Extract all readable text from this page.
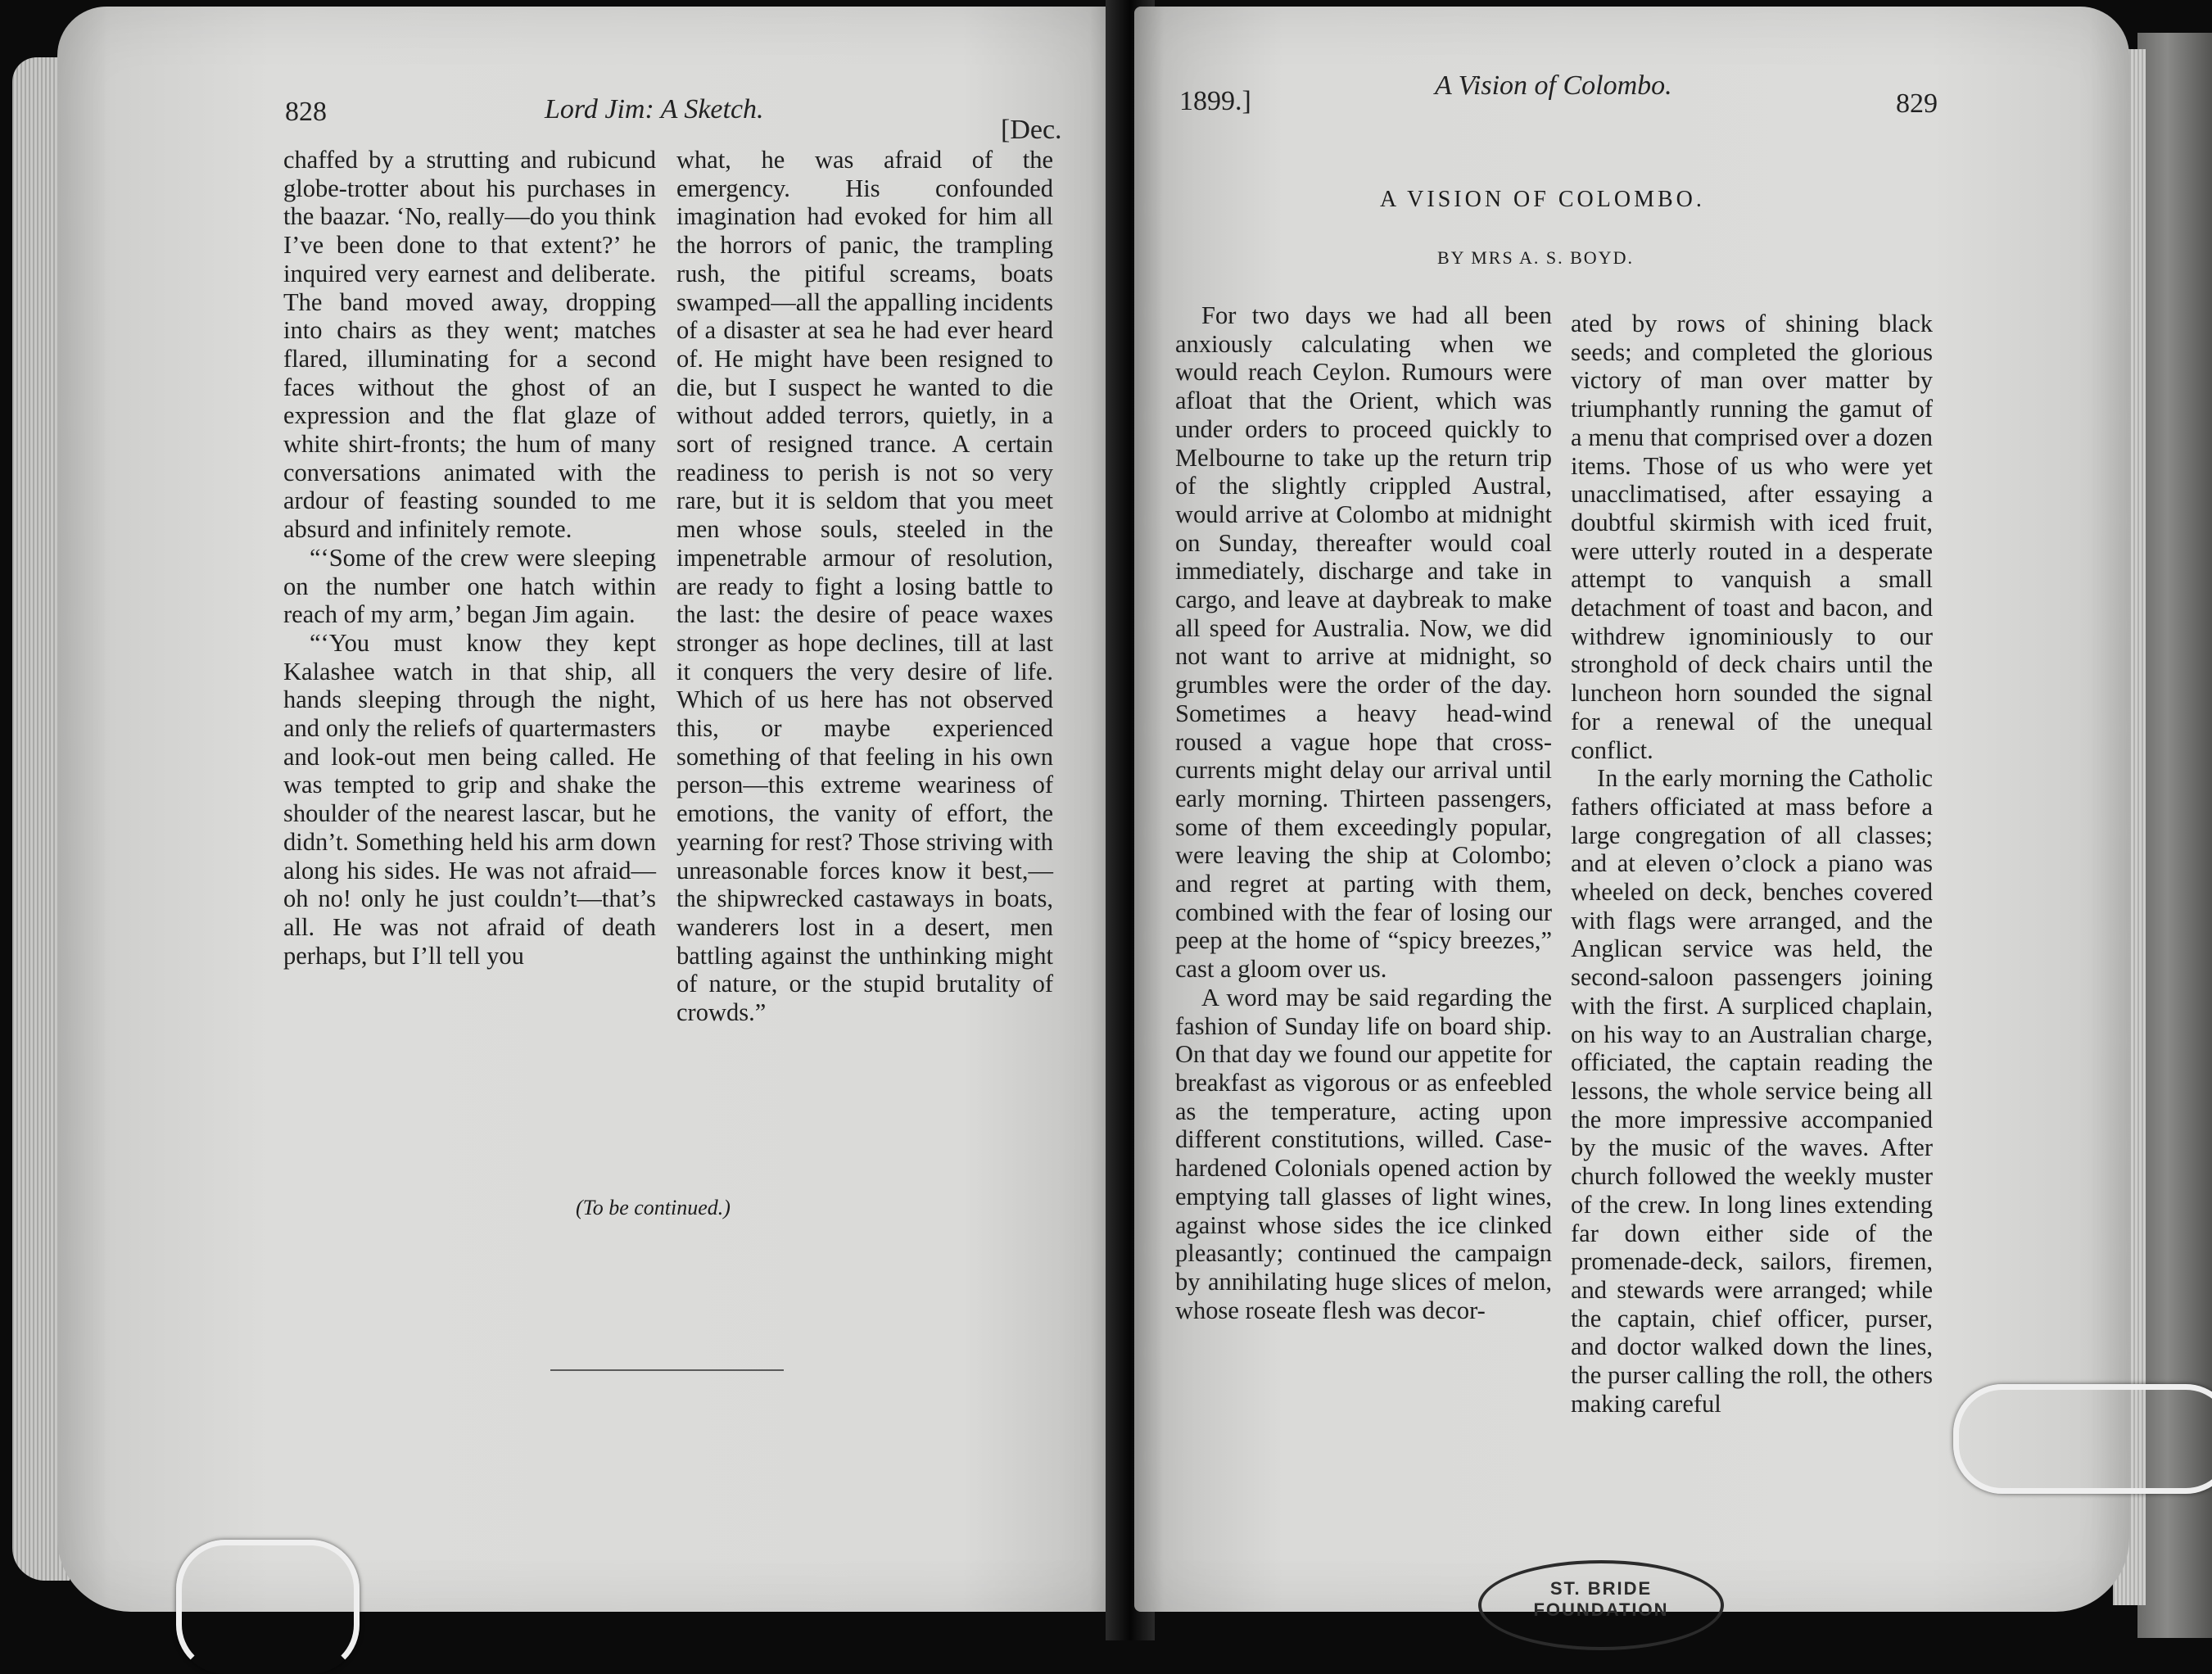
828	Lord Jim: A Sketch.
[Dec.

chaffed by a strutting and rubicund globe-trotter about his purchases in the baazar. ‘No, really—do you think I’ve been done to that extent?’ he inquired very earnest and deliberate. The band moved away, dropping into chairs as they went; matches flared, illuminating for a second faces without the ghost of an expression and the flat glaze of white shirt-fronts; the hum of many conversations animated with the ardour of feasting sounded to me absurd and infinitely remote.

“‘Some of the crew were sleeping on the number one hatch within reach of my arm,’ began Jim again.

“‘You must know they kept Kalashee watch in that ship, all hands sleeping through the night, and only the reliefs of quartermasters and look-out men being called. He was tempted to grip and shake the shoulder of the nearest lascar, but he didn’t. Something held his arm down along his sides. He was not afraid—oh no! only he just couldn’t—that’s all. He was not afraid of death perhaps, but I’ll tell you

what, he was afraid of the emergency. His confounded imagination had evoked for him all the horrors of panic, the trampling rush, the pitiful screams, boats swamped—all the appalling incidents of a disaster at sea he had ever heard of. He might have been resigned to die, but I suspect he wanted to die without added terrors, quietly, in a sort of resigned trance. A certain readiness to perish is not so very rare, but it is seldom that you meet men whose souls, steeled in the impenetrable armour of resolution, are ready to fight a losing battle to the last: the desire of peace waxes stronger as hope declines, till at last it conquers the very desire of life. Which of us here has not observed this, or maybe experienced something of that feeling in his own person—this extreme weariness of emotions, the vanity of effort, the yearning for rest? Those striving with unreasonable forces know it best,—the shipwrecked castaways in boats, wanderers lost in a desert, men battling against the unthinking might of nature, or the stupid brutality of crowds.”

(To be continued.)
1899.]
A Vision of Colombo.
829
A VISION OF COLOMBO.
BY MRS A. S. BOYD.

For two days we had all been anxiously calculating when we would reach Ceylon. Rumours were afloat that the Orient, which was under orders to proceed quickly to Melbourne to take up the return trip of the slightly crippled Austral, would arrive at Colombo at midnight on Sunday, thereafter would coal immediately, discharge and take in cargo, and leave at daybreak to make all speed for Australia. Now, we did not want to arrive at midnight, so grumbles were the order of the day. Sometimes a heavy head-wind roused a vague hope that cross-currents might delay our arrival until early morning. Thirteen passengers, some of them exceedingly popular, were leaving the ship at Colombo; and regret at parting with them, combined with the fear of losing our peep at the home of “spicy breezes,” cast a gloom over us.

A word may be said regarding the fashion of Sunday life on board ship. On that day we found our appetite for breakfast as vigorous or as enfeebled as the temperature, acting upon different constitutions, willed. Case-hardened Colonials opened action by emptying tall glasses of light wines, against whose sides the ice clinked pleasantly; continued the campaign by annihilating huge slices of melon, whose roseate flesh was decor-

ated by rows of shining black seeds; and completed the glorious victory of man over matter by triumphantly running the gamut of a menu that comprised over a dozen items. Those of us who were yet unacclimatised, after essaying a doubtful skirmish with iced fruit, were utterly routed in a desperate attempt to vanquish a small detachment of toast and bacon, and withdrew ignominiously to our stronghold of deck chairs until the luncheon horn sounded the signal for a renewal of the unequal conflict.

In the early morning the Catholic fathers officiated at mass before a large congregation of all classes; and at eleven o’clock a piano was wheeled on deck, benches covered with flags were arranged, and the Anglican service was held, the second-saloon passengers joining with the first. A surpliced chaplain, on his way to an Australian charge, officiated, the captain reading the lessons, the whole service being all the more impressive accompanied by the music of the waves. After church followed the weekly muster of the crew. In long lines extending far down either side of the promenade-deck, sailors, firemen, and stewards were arranged; while the captain, chief officer, purser, and doctor walked down the lines, the purser calling the roll, the others making careful

ST. BRIDE FOUNDATION
